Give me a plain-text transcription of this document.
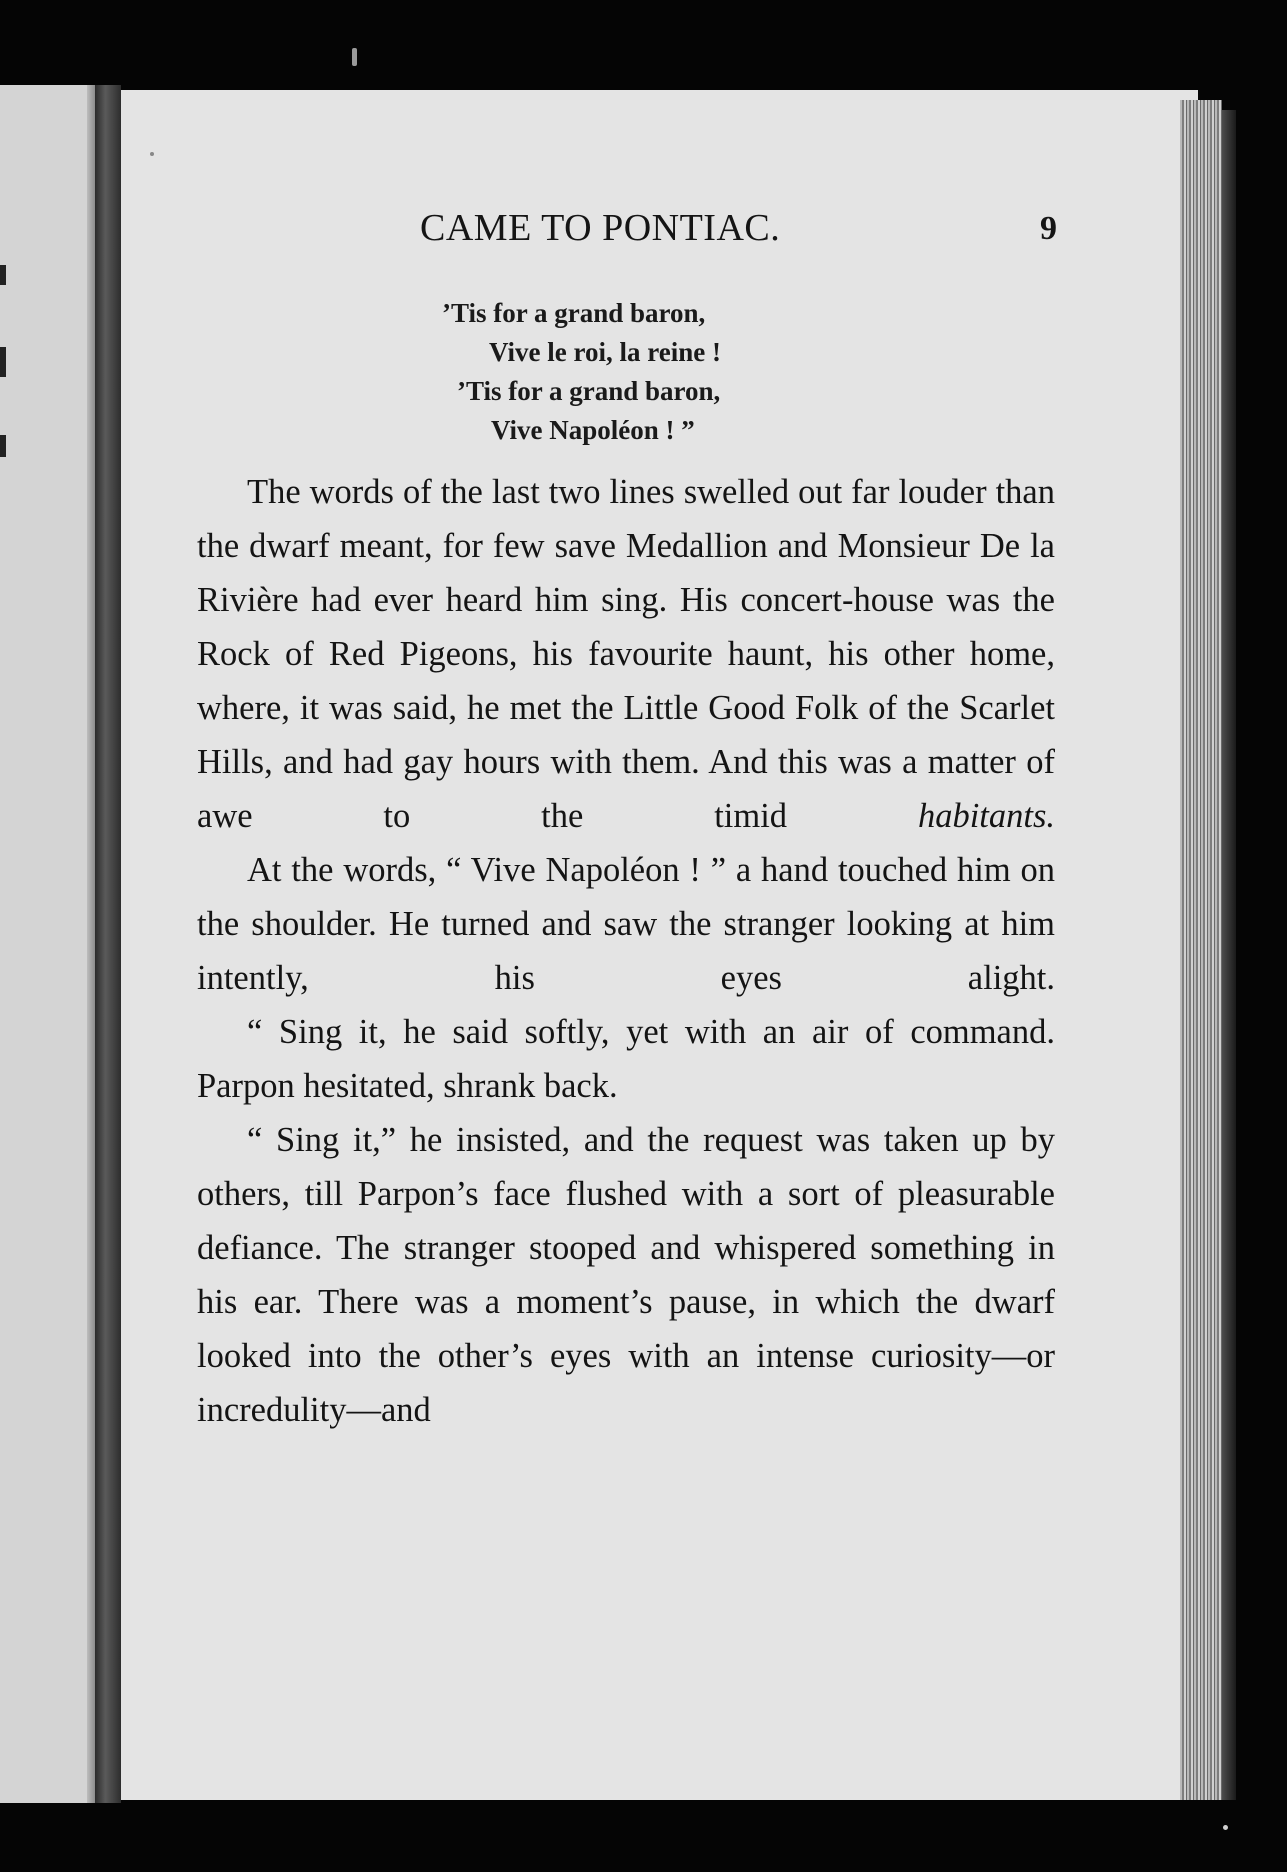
CAME TO PONTIAC.	9
’Tis for a grand baron,
Vive le roi, la reine !
’Tis for a grand baron,
Vive Napoléon ! ”

The words of the last two lines swelled out far louder than the dwarf meant, for few save Medallion and Monsieur De la Rivière had ever heard him sing. His concert-house was the Rock of Red Pigeons, his favourite haunt, his other home, where, it was said, he met the Little Good Folk of the Scarlet Hills, and had gay hours with them. And this was a matter of awe to the timid habitants.

At the words, “ Vive Napoléon ! ” a hand touched him on the shoulder. He turned and saw the stranger looking at him intently, his eyes alight.

“ Sing it, he said softly, yet with an air of command. Parpon hesitated, shrank back.

“ Sing it,” he insisted, and the request was taken up by others, till Parpon’s face flushed with a sort of pleasurable defiance. The stranger stooped and whispered something in his ear. There was a moment’s pause, in which the dwarf looked into the other’s eyes with an intense curiosity—or incredulity—and
